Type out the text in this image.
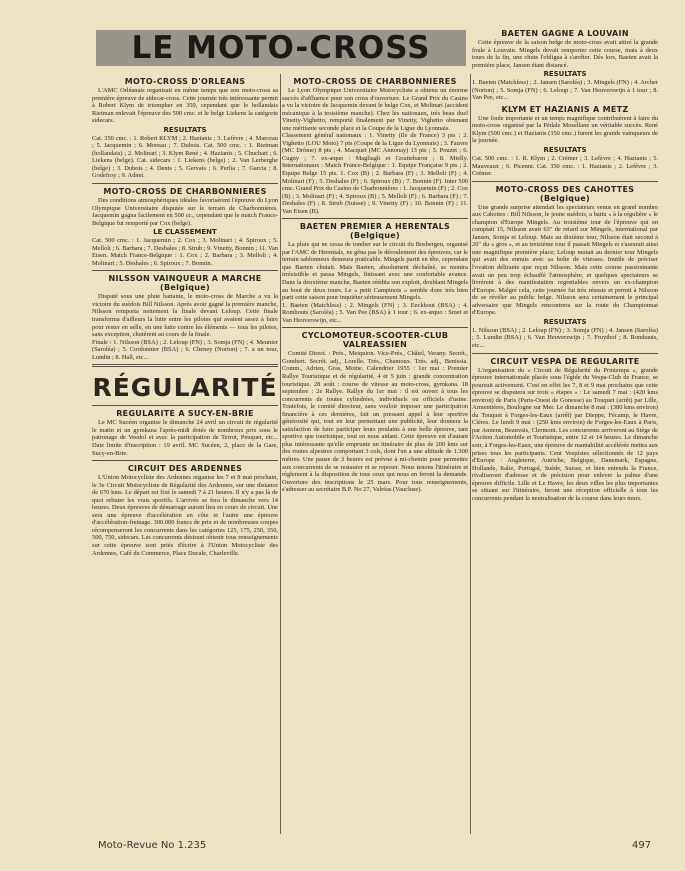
LE MOTO-CROSS
MOTO-CROSS D'ORLEANS

L'AMC Orléanais organisait en même temps que son moto-cross sa première épreuve de sidecar-cross. Cette journée très intéressante permit à Robert Klym de triompher en 350, cependant que le hollandais Rietman enlevait l'épreuve des 500 cmc. et le belge Liekens la catégorie sidecars.

RESULTATS

Cat. 350 cmc. : 1. Robert KLYM ; 2. Hazianis ; 3. Lefèvre ; 4. Marceau ; 5. Jacquemin ; 6. Moreau ; 7. Dubois. Cat. 500 cmc. : 1. Rietman (hollandais) ; 2. Molinari ; 3. Klym René ; 4. Hazianis ; 5. Chuchart ; 6. Liekens (belge). Cat. sidecars : 1. Liekens (belge) ; 2. Van Lerberghe (belge) ; 3. Dubois ; 4. Denis ; 5. Gervais ; 6. Perlia ; 7. Garcia ; 8. Godefroy ; 9. Adnet.

MOTO-CROSS DE CHARBONNIERES

Des conditions atmosphériques idéales favorisèrent l'épreuve du Lyon Olympique Universitaire disputée sur le terrain de Charbonnières. Jacquemin gagna facilement en 500 cc., cependant que le match France-Belgique fut remporté par Cox (belge).

LE CLASSEMENT

Cat. 500 cmc. : 1. Jacquemin ; 2. Cox ; 3. Molinari ; 4. Spiroux ; 5. Melloli ; 6. Barbara ; 7. Deshales ; 8. Strub ; 9. Vinetty, Bonnin ; 11. Van Eisen. Match France-Belgique : 1. Cox ; 2. Barbara ; 3. Melloli ; 4. Molinari ; 5. Deshales ; 6. Spiroux ; 7. Bonnin.

NILSSON VAINQUEUR A MARCHE (Belgique)

Disputé sous une pluie battante, le moto-cross de Marche a vu la victoire du suédois Bill Nilsson. Après avoir gagné la première manche, Nilsson remporta nettement la finale devant Leloup. Cette finale transforma d'ailleurs la lutte entre les pilotes qui avaient assez à faire pour rester en selle, en une lutte contre les éléments — tous les pilotes, sans exception, chutèrent au cours de la finale.

Finale : 1. Nilsson (BSA) ; 2. Leloup (FN) ; 3. Somja (FN) ; 4. Meunier (Saroléa) ; 5. Cordonnier (BSA) ; 6. Cheney (Norton) ; 7. a un tour, Lundin ; 8. Hall, etc...

RÉGULARITÉ
REGULARITE A SUCY-EN-BRIE

Le MC Sucéen organise le dimanche 24 avril un circuit de régularité le matin et un gymkana l'après-midi dotés de nombreux prix sous le patronage de Veedol et avec la participation de Terrot, Peuquet, etc... Date limite d'inscription : 19 avril. MC Sucéen, 2, place de la Gare, Sucy-en-Brie.

CIRCUIT DES ARDENNES

L'Union Motocycliste des Ardennes organise les 7 et 8 mai prochain, le 3e Circuit Motocycliste de Régularité des Ardennes, sur une distance de 670 kms. Le départ est fixé le samedi 7 à 21 heures. Il n'y a pas là de quoi rebuter les vrais sportifs. L'arrivée se fera le dimanche vers 14 heures. Deux épreuves de démarrage auront lieu en cours de circuit. Une sera une épreuve d'accélération en côte et l'autre une épreuve d'accélération-freinage. 300.000 francs de prix et de nombreuses coupes récompenseront les concurrents dans les catégories 125, 175, 250, 350, 500, 750, sidecars. Les concurrents désirant obtenir tous renseignements sur cette épreuve sont priés d'écrire à l'Union Motocycliste des Ardennes, Café du Commerce, Place Ducale, Charleville.

MOTO-CROSS DE CHARBONNIERES

Le Lyon Olympique Universitaire Motocycliste a obtenu un énorme succès d'affluence pour son cross d'ouverture. Le Grand Prix du Casino a vu la victoire de Jacquemin devant le belge Cox, et Molinari (accident mécanique à la troisième manche). Chez les nationaux, très beau duel Vinetty-Vighetto, remporté finalement par Vinetty, Vighetto obtenant une méritante seconde place et la Coupe de la Ligue du Lyonnais.

Classement général nationaux : 1. Vinetty (Ile de France) 3 pts ; 2. Vighetto (LOU Moto) 7 pts (Coupe de la Ligue du Lyonnais) ; 3. Fauvre (MC Drôme) 8 pts ; 4. Macquet (MC Annonay) 13 pts ; 5. Pouzet ; 6. Cugny ; 7. ex-æquo : Magliagli et Gouttebaron ; 8. Mielly. Internationaux : Match France-Belgique : 1. Equipe Française 9 pts ; 2. Equipe Belge 15 pts. 1. Cox (B) ; 2. Barbara (F) ; 3. Melloli (F) ; 4. Molinari (F) ; 5. Deshales (F) ; 6. Spiroux (B) ; 7. Bonnin (F). Inter 500 cmc. Grand Prix du Casino de Charbonnières : 1. Jacquemin (F) ; 2. Cox (B) ; 3. Molinari (F) ; 4. Spiroux (B) ; 5. Melloli (F) ; 6. Barbara (F) ; 7. Deshales (F) ; 8. Strub (Suisse) ; 9. Vinetty (F) ; 10. Bonnin (F) ; 11. Van Eisen (B).

BAETEN PREMIER A HERENTALS (Belgique)

La pluie qui ne cessa de tomber sur le circuit du Bosbergen, organisé par l'AMC de Herentals, ne gêna pas le déroulement des épreuves, car le terrain sablonneux demeura praticable. Mingels partit en tête, cependant que Baeten chutait. Mais Baeten, absolument déchaîné, se montra irrésistible et passa Mingels, finissant avec une confortable avance. Dans la deuxième manche, Baeten rééditа son exploit, doublant Mingels au bout de deux tours. Le « petit Campinois » semble donc très bien parti cette saison pour inquiéter sérieusement Mingels.

1. Baeten (Matchless) ; 2. Mingels (FN) ; 3. Eeckhout (BSA) ; 4. Rombouts (Saroléa) ; 5. Van Pee (BSA) à 1 tour ; 6. ex-æquo : Smet et Van Heuverswijn, etc...

CYCLOMOTEUR-SCOOTER-CLUB VALREASSIEN

Comité Direct. : Prés., Meiquion. Vice-Prés., Châtel, Verany. Secrét., Gombert. Secrét. adj., Lorelle. Trés., Chamoux. Trés. adj., Benissia. Comm., Adrien, Gras, Moine. Calendrier 1955 : 1er mai : Premier Rallye Touristique et de régularité, 4 et 5 juin : grande concentration touristique. 28 août : course de vitesse au moto-cross, gymkana. 18 septembre : 2e Rallye. Rallye du 1er mai : il est ouvert à tous les concurrents de toutes cylindrées, individuels ou officiels d'usine. Toutefois, le comité directeur, sans vouloir imposer une participation financière à ces dernières, fait un pressant appel à leur sportive générosité qui, tout en leur permettant une publicité, leur donnera la satisfaction de faire participer leurs poulains à une belle épreuve, tant sportive que touristique, tout en nous aidant. Cette épreuve est d'autant plus intéressante qu'elle emprunte un itinéraire de plus de 200 kms sur des routes alpestres comportant 3 cols, dont l'un a une altitude de 1.300 mètres. Une pause de 3 heures est prévue à mi-chemin pour permettre aux concurrents de se restaurer et se reposer. Nous tenons l'itinéraire et règlement à la disposition de tous ceux qui nous en feront la demande. Ouverture des inscriptions le 25 mars. Pour tous renseignements, s'adresser au secrétaire B.P. No 27, Valréas (Vaucluse).

BAETEN GAGNE A LOUVAIN

Cette épreuve de la saison belge de moto-cross avait attiré la grande foule à Louvain. Mingels devait remporter cette course, mais à deux tours de la fin, une chute l'obligea à s'arrêter. Dès lors, Baeten avait la première place, Jansen étant distancé.

RESULTATS

1. Baeten (Matchless) ; 2. Jansen (Saroléa) ; 3. Mingels (FN) ; 4. Archer (Norton) ; 5. Somja (FN) ; 6. Leloup ; 7. Van Heuverswijn à 1 tour ; 8. Van Pee, etc...

KLYM ET HAZIANIS A METZ

Une foule importante et un temps magnifique contribuèrent à faire du moto-cross organisé par la Pédale Mosellane un véritable succès. René Klym (500 cmc.) et Hazianis (350 cmc.) furent les grands vainqueurs de la journée.

RESULTATS

Cat. 500 cmc. : 1. R. Klym ; 2. Crémer ; 3. Lefèvre ; 4. Hazianis ; 5. Mauveaux ; 6. Picenni. Cat. 350 cmc. : 1. Hazianis ; 2. Lefèvre ; 3. Crémer.

MOTO-CROSS DES CAHOTTES (Belgique)

Une grande surprise attendait les spectateurs venus en grand nombre aux Cahottes : Bill Nilsson, le jeune suédois, a battu « à la régulière » le champion d'Europe Mingels. Au troisième tour de l'épreuve qui en comptait 15, Nilsson avait 63" de retard sur Mingels, international par Jansen, Somja et Leloup. Mais au dixième tour, Nilsson était second à 20" du « gros », et au treizième tour il passait Mingels et s'assurait ainsi une magnifique première place; Leloup mutait au dernier tour Mingels qui avait des ennuis avec sa boîte de vitesses. Inutile de préciser l'ovation délirante que reçut Nilsson. Mais cette course passionnante avait un peu trop échauffé l'atmosphère, et quelques spectateurs se livrèrent à des manifestation regrettables envers un ex-champion d'Europe. Malgré cela, cette journée fut très réussie et permit à Nilsson de se révéler au public belge. Nilsson sera certainement le principal adversaire que Mingels rencontrera sur la route du Championnat d'Europe.

RESULTATS

1. Nilsson (BSA) ; 2. Leloup (FN) ; 3. Somja (FN) ; 4. Jansen (Saroléa) ; 5. Lundin (BSA) ; 6. Van Heuverzwijn ; 7. Fruythof ; 8. Rombauts, etc...

CIRCUIT VESPA DE REGULARITE

L'organisation du « Circuit de Régularité du Printemps », grande épreuve internationale placée sous l'égide du Vespa-Club de France, se poursuit activement. C'est en effet les 7, 8 et 9 mai prochains que cette épreuve se disputera sur trois « étapes » : Le samedi 7 mai : (420 kms environ) de Paris (Paris-Ouest de Gonesse) au Touquet (arrêt) par Lille, Armentières, Boulogne sur Mer. Le dimanche 8 mai : (380 kms environ) du Touquet à Forges-les-Eaux (arrêt) par Dieppe, Fécamp, le Havre, Cléres. Le lundi 9 mai : (250 kms environ) de Forges-les-Eaux à Paris, par Amiens, Beauvais, Clermont. Les concurrents arriveront au Siège de l'Action Automobile et Touristique, entre 12 et 14 heures. Le dimanche soir, à Forges-les-Eaux, une épreuve de maniabilité accélérée mettra aux prises tous les participants. Cent Vespistes sélectionnés de 12 pays d'Europe : Angleterre, Autriche, Belgique, Danemark, Espagne, Hollande, Italie, Portugal, Suède, Suisse, et bien entendu la France, rivaliseront d'adresse et de précision pour enlever la palme d'une épreuve difficile. Lille et Le Havre, les deux villes les plus importantes se situant sur l'itinéraire, feront une réception officielle à tous les concurrents pendant la neutralisation de la course dans leurs murs.

Moto-Revue No 1.235	497
